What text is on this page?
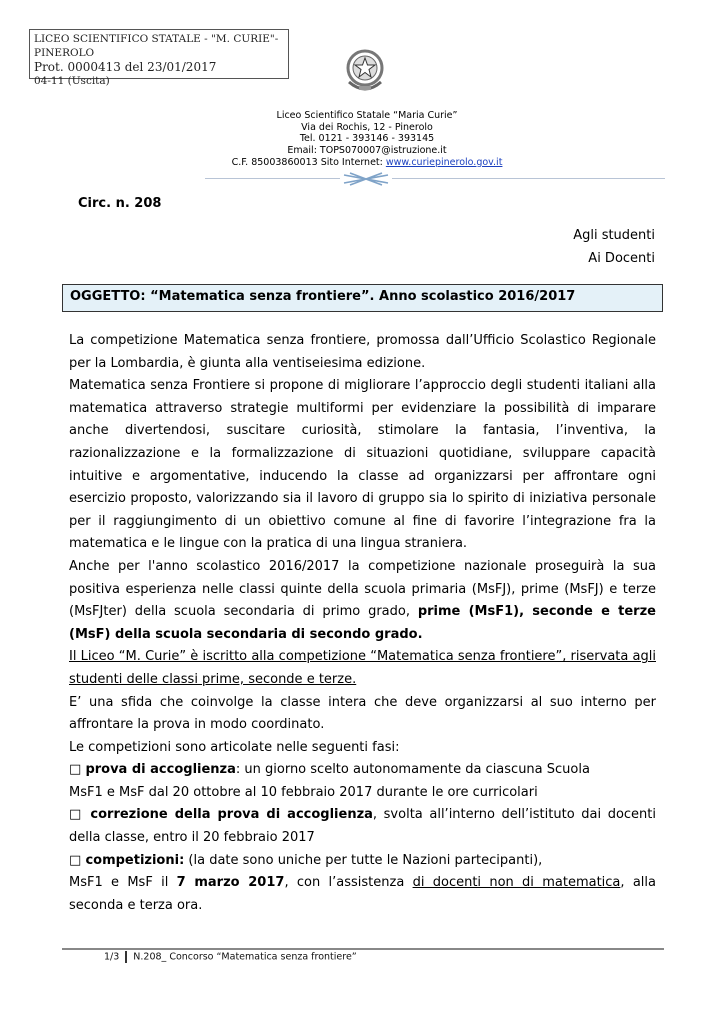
LICEO SCIENTIFICO STATALE - "M. CURIE"-PINEROLO
Prot. 0000413 del 23/01/2017
04-11 (Uscita)
Liceo Scientifico Statale “Maria Curie”
Via dei Rochis, 12 - Pinerolo
Tel. 0121 - 393146 - 393145
Email: TOPS070007@istruzione.it
C.F. 85003860013 Sito Internet: www.curiepinerolo.gov.it
Circ. n. 208
Agli studenti
Ai Docenti
OGGETTO: “Matematica senza frontiere”. Anno scolastico 2016/2017

La competizione Matematica senza frontiere, promossa dall’Ufficio Scolastico Regionale per la Lombardia, è giunta alla ventiseiesima edizione.

Matematica senza Frontiere si propone di migliorare l’approccio degli studenti italiani alla matematica attraverso strategie multiformi per evidenziare la possibilità di imparare anche divertendosi, suscitare curiosità, stimolare la fantasia, l’inventiva, la razionalizzazione e la formalizzazione di situazioni quotidiane, sviluppare capacità intuitive e argomentative, inducendo la classe ad organizzarsi per affrontare ogni esercizio proposto, valorizzando sia il lavoro di gruppo sia lo spirito di iniziativa personale per il raggiungimento di un obiettivo comune al fine di favorire l’integrazione fra la matematica e le lingue con la pratica di una lingua straniera.

Anche per l'anno scolastico 2016/2017 la competizione nazionale proseguirà la sua positiva esperienza nelle classi quinte della scuola primaria (MsFJ), prime (MsFJ) e terze (MsFJter) della scuola secondaria di primo grado, prime (MsF1), seconde e terze (MsF) della scuola secondaria di secondo grado.

Il Liceo “M. Curie” è iscritto alla competizione “Matematica senza frontiere”, riservata agli studenti delle classi prime, seconde e terze.

E’ una sfida che coinvolge la classe intera che deve organizzarsi al suo interno per affrontare la prova in modo coordinato.

Le competizioni sono articolate nelle seguenti fasi:

□ prova di accoglienza: un giorno scelto autonomamente da ciascuna Scuola

MsF1 e MsF dal 20 ottobre al 10 febbraio 2017 durante le ore curricolari

□ correzione della prova di accoglienza, svolta all’interno dell’istituto dai docenti della classe, entro il 20 febbraio 2017

□ competizioni: (la date sono uniche per tutte le Nazioni partecipanti),

MsF1 e MsF il 7 marzo 2017, con l’assistenza di docenti non di matematica, alla seconda e terza ora.

1/3 N.208_ Concorso “Matematica senza frontiere”
